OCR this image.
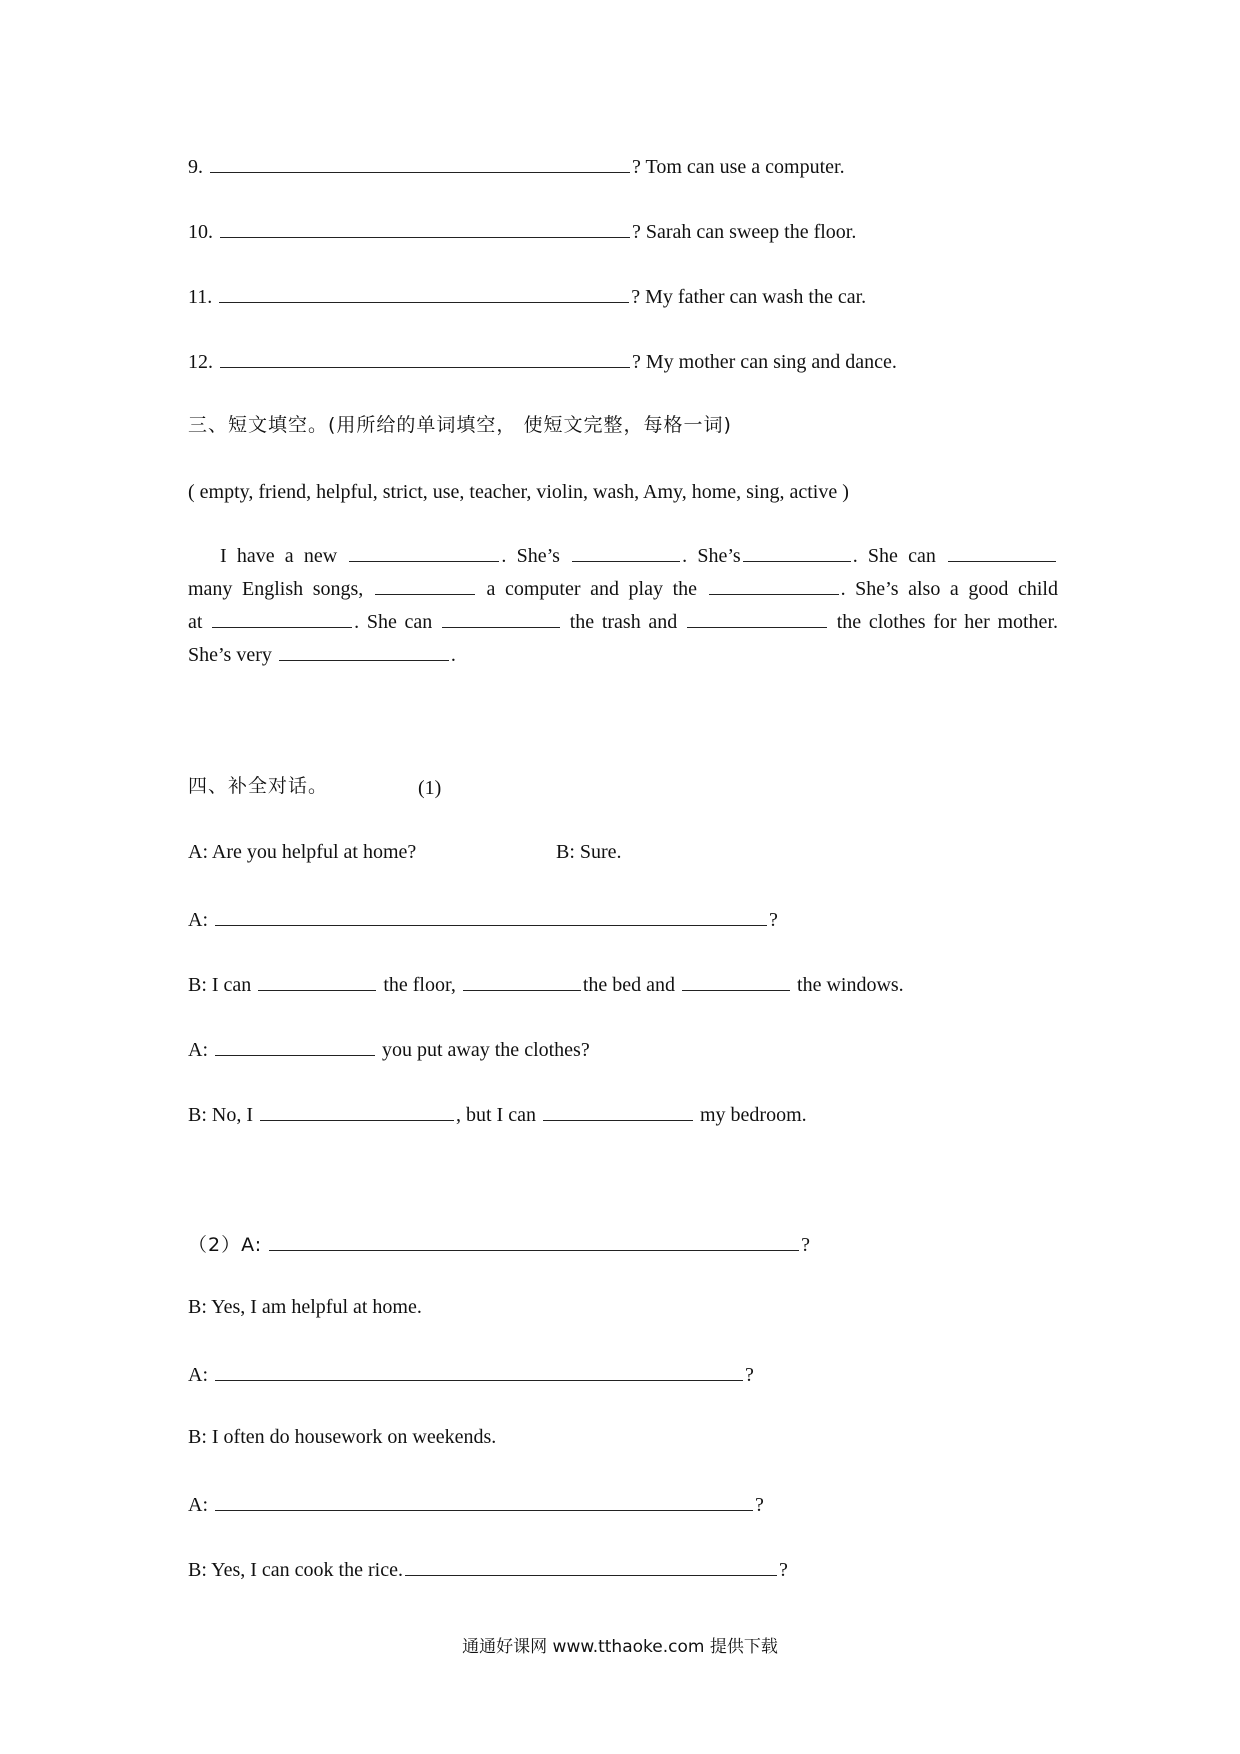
9.	? Tom can use a computer.
10.	? Sarah can sweep the floor.
11.	? My father can wash the car.
12.	? My mother can sing and dance.
三、短文填空。(用所给的单词填空， 使短文完整，每格一词)
( empty, friend, helpful, strict, use, teacher, violin, wash, Amy, home, sing, active )
I have a new	. She’s	. She’s	. She can
many English songs,	a computer and play the	. She’s also a good child
at	. She can	the trash and	the clothes for her mother.
She’s very	.
四、补全对话。	(1)
A: Are you helpful at home?	B: Sure.
A:	?
B: I can	the floor,	the bed and	the windows.
A:	you put away the clothes?
B: No, I	, but I can	my bedroom.
（2）A:	?
B: Yes, I am helpful at home.
A:	?
B: I often do housework on weekends.
A:	?
B: Yes, I can cook the rice.	?
通通好课网 www.tthaoke.com 提供下载
